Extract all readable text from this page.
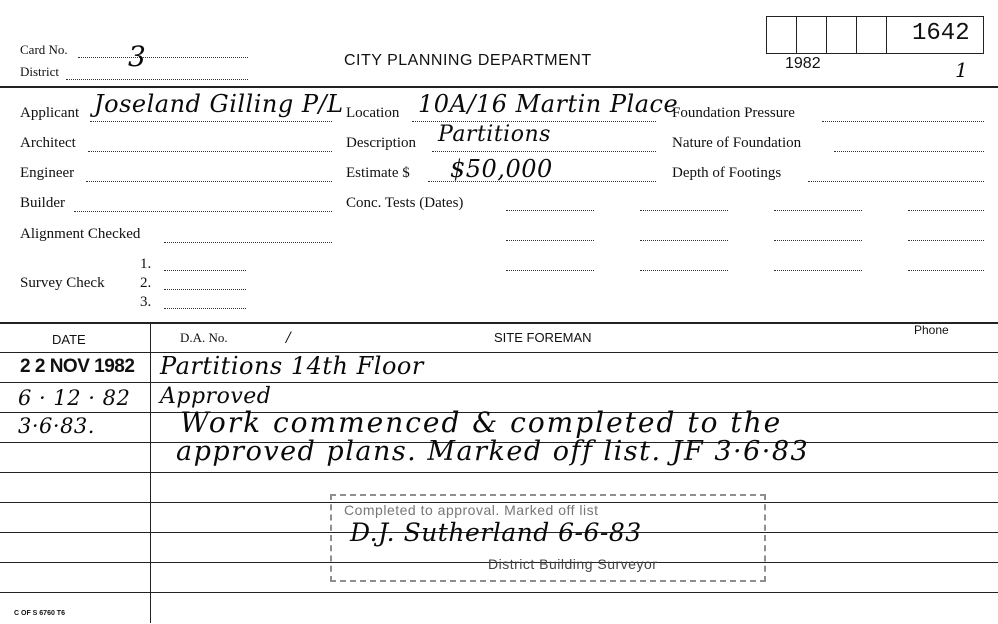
Card No. 3
District
CITY PLANNING DEPARTMENT	1982
1642
1
Applicant Joseland Gilling P/L
Architect
Engineer
Builder
Alignment Checked
Survey Check
1.
2.
3.
Location 10A/16 Martin Place
Description Partitions
Estimate $ $50,000
Conc. Tests (Dates)
Foundation Pressure
Nature of Foundation
Depth of Footings
DATE	D.A. No.	/	SITE FOREMAN	Phone
2 2 NOV 1982 Partitions 14th Floor
6 · 12 · 82 Approved
3·6·83.	Work commenced & completed to the
approved plans. Marked off list. JF 3·6·83
Completed to approval. Marked off list
D.J. Sutherland 6-6-83
District Building Surveyor
C OF S 6760 T6
